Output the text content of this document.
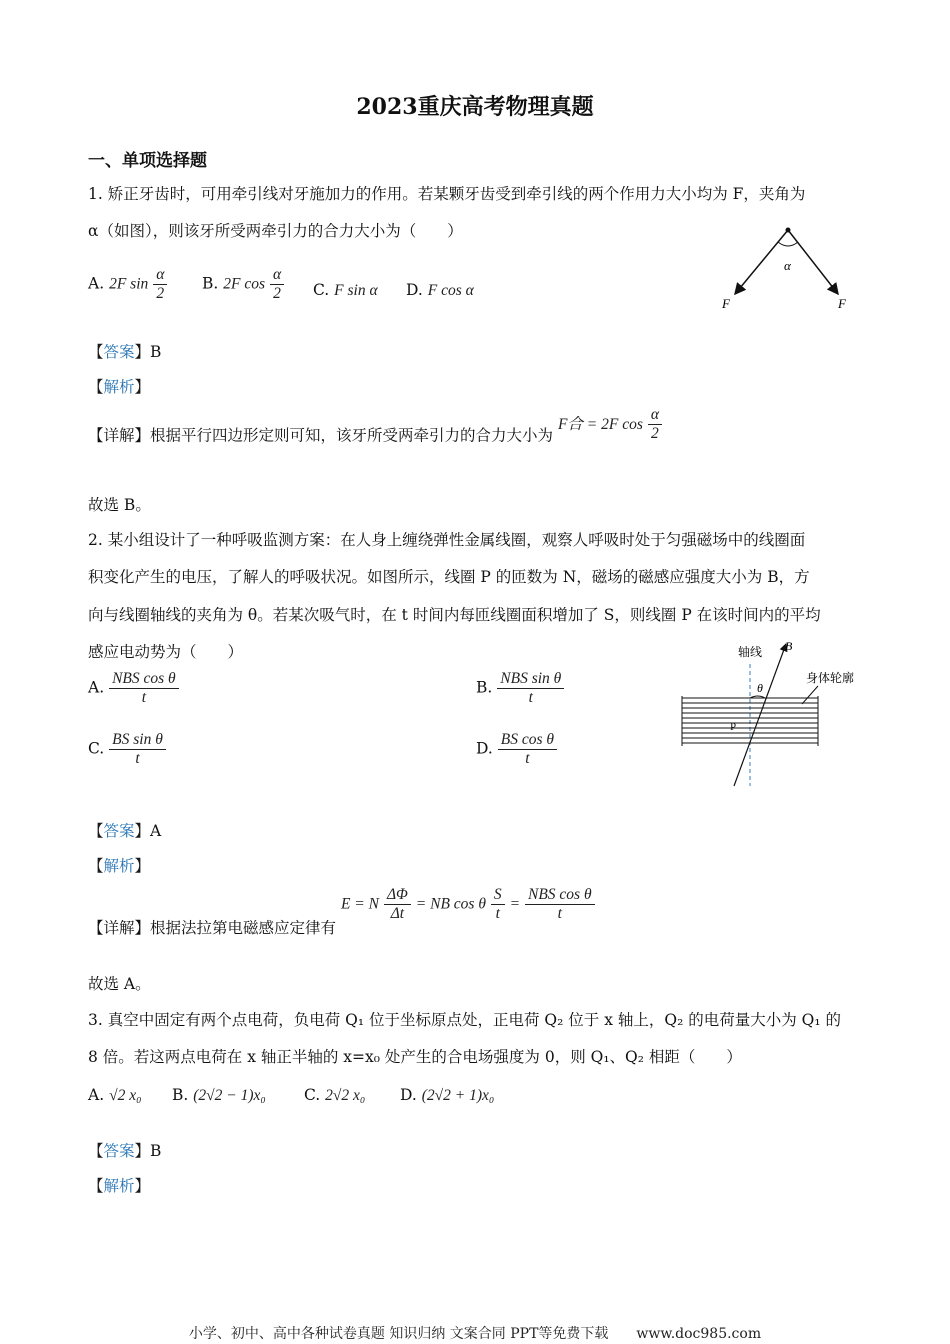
2023重庆高考物理真题
一、单项选择题
1. 矫正牙齿时，可用牵引线对牙施加力的作用。若某颗牙齿受到牵引线的两个作用力大小均为 F，夹角为
α（如图），则该牙所受两牵引力的合力大小为（　　）
A. 2F $\sin \frac{\alpha}{2} B$. 2F $\cos \frac{\alpha}{2} C$. F sin α D. F cos α
α
F	F
【答案】B
【解析】
【详解】根据平行四边形定则可知，该牙所受两牵引力的合力大小为 F合 = 2F $\cos \frac{\alpha}{2}$
故选 B。
2. 某小组设计了一种呼吸监测方案：在人身上缠绕弹性金属线圈，观察人呼吸时处于匀强磁场中的线圈面
积变化产生的电压，了解人的呼吸状况。如图所示，线圈 P 的匝数为 N，磁场的磁感应强度大小为 B，方
向与线圈轴线的夹角为 θ。若某次吸气时，在 t 时间内每匝线圈面积增加了 S，则线圈 P 在该时间内的平均
感应电动势为（　　）
A. $\frac{\text{NBS cos θ}}{t}$	B. $\frac{\text{NBS sin θ}}{t}$
C. $\frac{\text{BS sin θ}}{t}$	D. $\frac{\text{BS cos θ}}{t}$
轴线 B
θ
身体轮廓
P
【答案】A
【解析】
【详解】根据法拉第电磁感应定律有 E = N $\frac{\Delta\Phi}{\Delta t}$ = NB cos θ $\frac{S}{t} = \frac{\text{NBS cos θ}}{t}$
故选 A。
3. 真空中固定有两个点电荷，负电荷 Q₁ 位于坐标原点处，正电荷 Q₂ 位于 x 轴上，Q₂ 的电荷量大小为 Q₁ 的
8 倍。若这两点电荷在 x 轴正半轴的 x=x₀ 处产生的合电场强度为 0，则 Q₁、Q₂ 相距（　　）
A. √2 x₀ B. (2√2 − 1)x₀ C. 2√2 x₀ D. (2√2 + 1)x₀
【答案】B
【解析】
小学、初中、高中各种试卷真题 知识归纳 文案合同 PPT等免费下载　　www.doc985.com
